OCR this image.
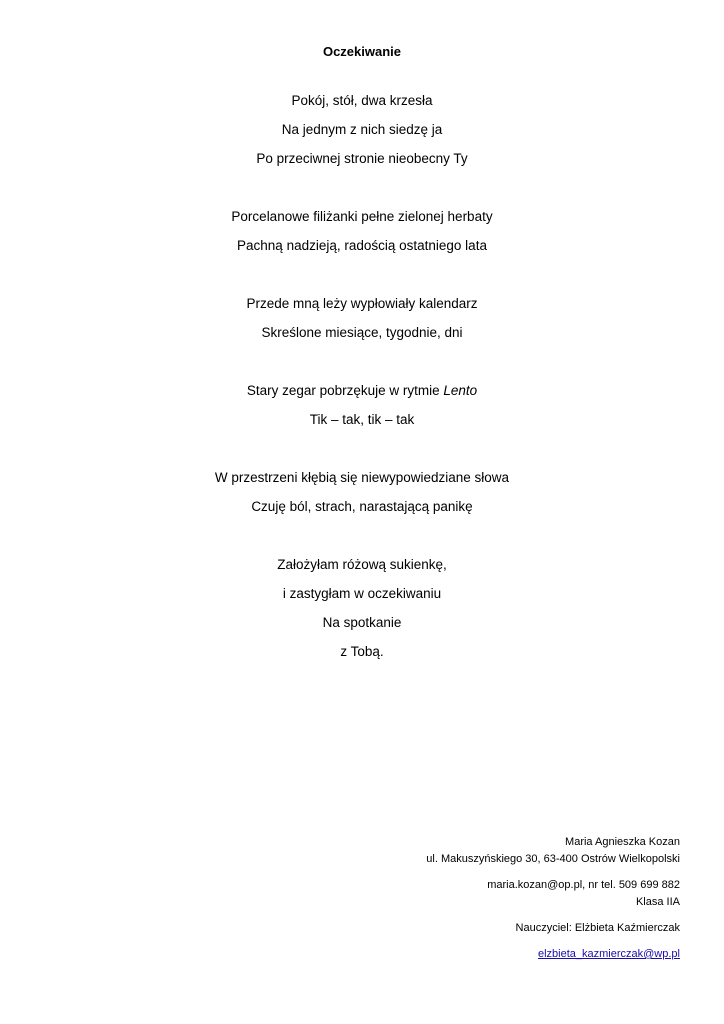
Oczekiwanie
Pokój, stół, dwa krzesła
Na jednym z nich siedzę ja
Po przeciwnej stronie nieobecny Ty
Porcelanowe filiżanki pełne zielonej herbaty
Pachną nadzieją, radością ostatniego lata
Przede mną leży wypłowiały kalendarz
Skreślone miesiące, tygodnie, dni
Stary zegar pobrzękuje w rytmie Lento
Tik – tak, tik – tak
W przestrzeni kłębią się niewypowiedziane słowa
Czuję ból, strach, narastającą panikę
Założyłam różową sukienkę,
i zastygłam w oczekiwaniu
Na spotkanie
z Tobą.
Maria Agnieszka Kozan
ul. Makuszyńskiego 30, 63-400 Ostrów Wielkopolski
maria.kozan@op.pl, nr tel. 509 699 882
Klasa IIA
Nauczyciel: Elżbieta Kaźmierczak
elzbieta_kazmierczak@wp.pl
